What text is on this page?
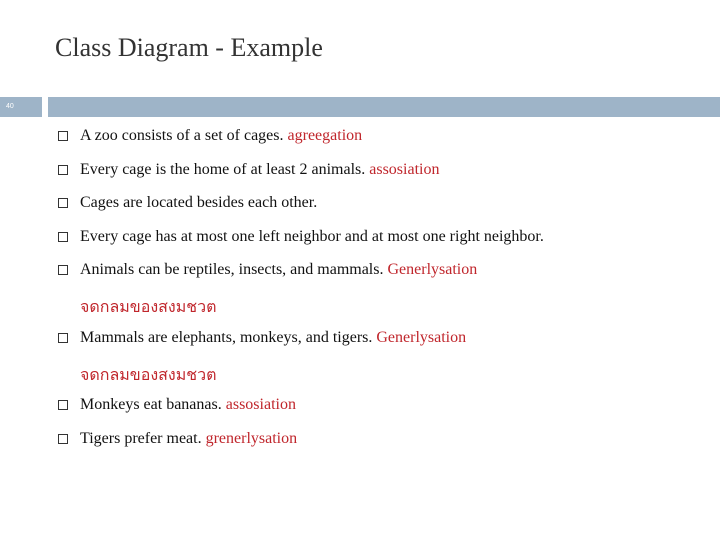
Class Diagram - Example
40
A zoo consists of a set of cages. agreegation
Every cage is the home of at least 2 animals. assosiation
Cages are located besides each other.
Every cage has at most one left neighbor and at most one right neighbor.
Animals can be reptiles, insects, and mammals. Generlysation
จดกลมของสงมชวต
Mammals are elephants, monkeys, and tigers. Generlysation
จดกลมของสงมชวต
Monkeys eat bananas. assosiation
Tigers prefer meat. grenerlysation
